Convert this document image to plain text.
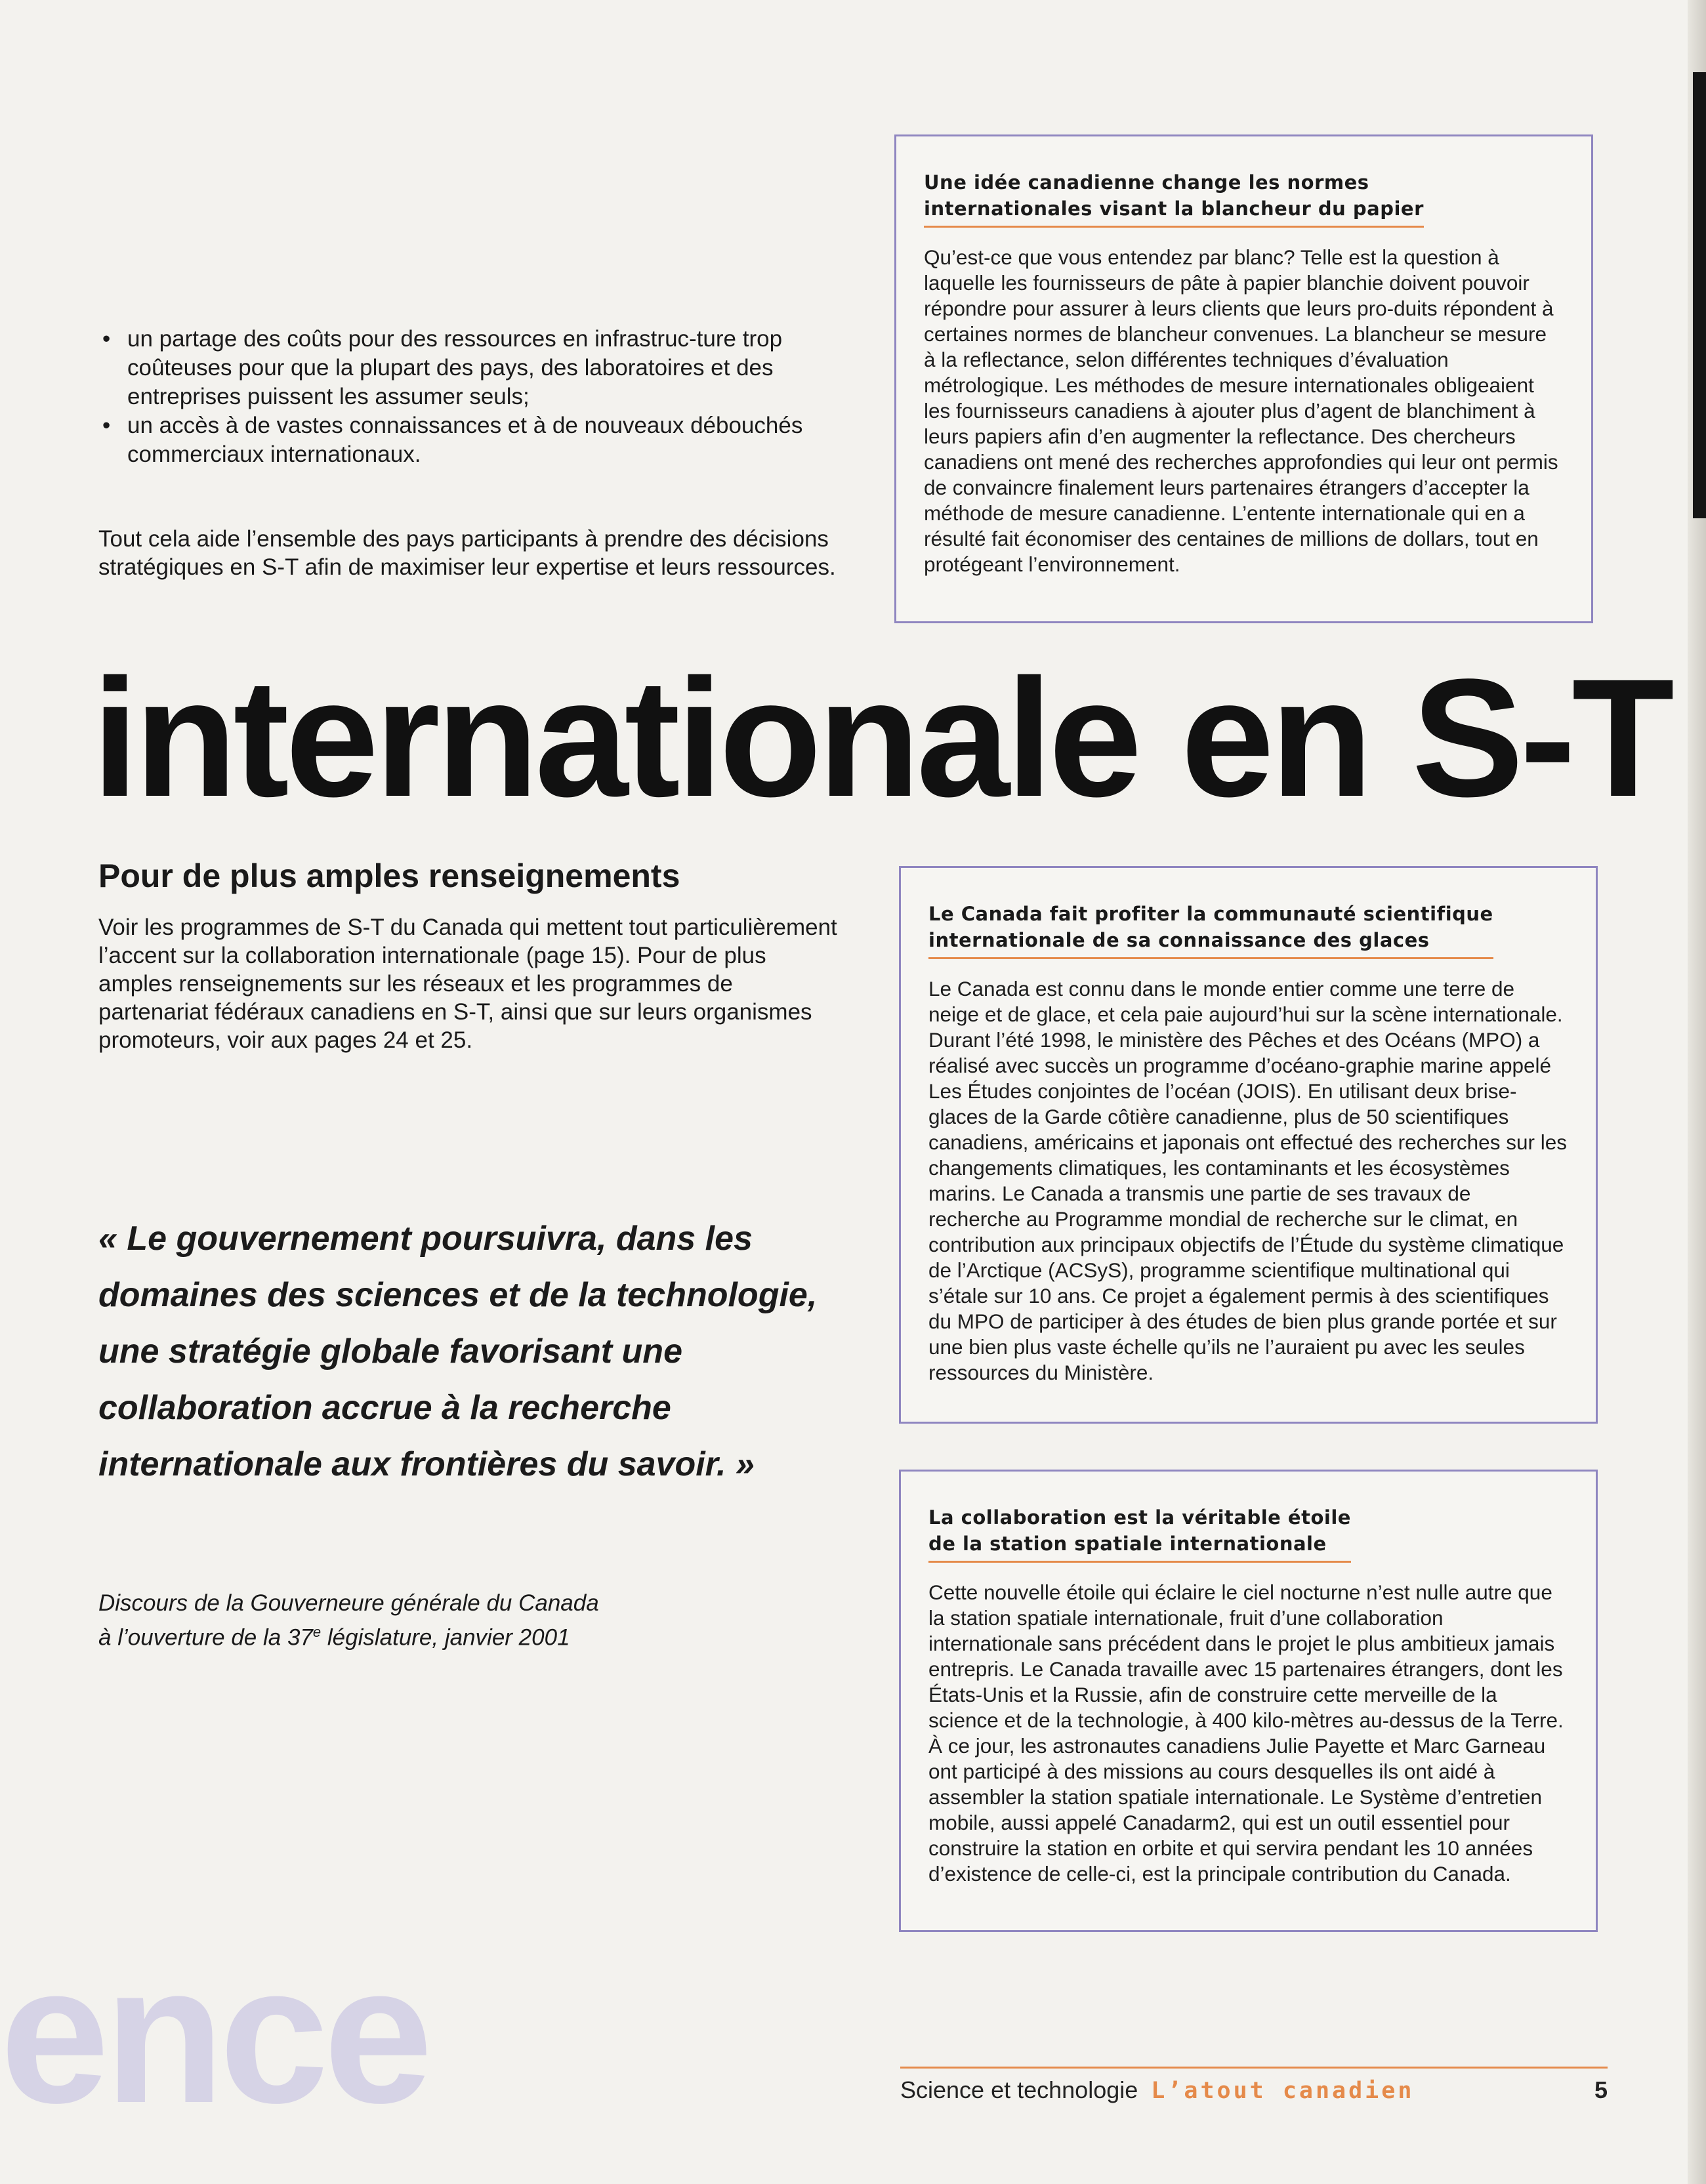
ence
• un partage des coûts pour des ressources en infrastruc-ture trop coûteuses pour que la plupart des pays, des laboratoires et des entreprises puissent les assumer seuls;
• un accès à de vastes connaissances et à de nouveaux débouchés commerciaux internationaux.

Tout cela aide l’ensemble des pays participants à prendre des décisions stratégiques en S-T afin de maximiser leur expertise et leurs ressources.

internationale en S-T
Pour de plus amples renseignements

Voir les programmes de S-T du Canada qui mettent tout particulièrement l’accent sur la collaboration internationale (page 15). Pour de plus amples renseignements sur les réseaux et les programmes de partenariat fédéraux canadiens en S-T, ainsi que sur leurs organismes promoteurs, voir aux pages 24 et 25.

« Le gouvernement poursuivra, dans les domaines des sciences et de la technologie, une stratégie globale favorisant une collaboration accrue à la recherche internationale aux frontières du savoir. »

Discours de la Gouverneure générale du Canada
à l’ouverture de la 37e législature, janvier 2001

Une idée canadienne change les normes
internationales visant la blancheur du papier

Qu’est-ce que vous entendez par blanc? Telle est la question à laquelle les fournisseurs de pâte à papier blanchie doivent pouvoir répondre pour assurer à leurs clients que leurs pro-duits répondent à certaines normes de blancheur convenues. La blancheur se mesure à la reflectance, selon différentes techniques d’évaluation métrologique. Les méthodes de mesure internationales obligeaient les fournisseurs canadiens à ajouter plus d’agent de blanchiment à leurs papiers afin d’en augmenter la reflectance. Des chercheurs canadiens ont mené des recherches approfondies qui leur ont permis de convaincre finalement leurs partenaires étrangers d’accepter la méthode de mesure canadienne. L’entente internationale qui en a résulté fait économiser des centaines de millions de dollars, tout en protégeant l’environnement.

Le Canada fait profiter la communauté scientifique
internationale de sa connaissance des glaces

Le Canada est connu dans le monde entier comme une terre de neige et de glace, et cela paie aujourd’hui sur la scène internationale. Durant l’été 1998, le ministère des Pêches et des Océans (MPO) a réalisé avec succès un programme d’océano-graphie marine appelé Les Études conjointes de l’océan (JOIS). En utilisant deux brise-glaces de la Garde côtière canadienne, plus de 50 scientifiques canadiens, américains et japonais ont effectué des recherches sur les changements climatiques, les contaminants et les écosystèmes marins. Le Canada a transmis une partie de ses travaux de recherche au Programme mondial de recherche sur le climat, en contribution aux principaux objectifs de l’Étude du système climatique de l’Arctique (ACSyS), programme scientifique multinational qui s’étale sur 10 ans. Ce projet a également permis à des scientifiques du MPO de participer à des études de bien plus grande portée et sur une bien plus vaste échelle qu’ils ne l’auraient pu avec les seules ressources du Ministère.

La collaboration est la véritable étoile
de la station spatiale internationale

Cette nouvelle étoile qui éclaire le ciel nocturne n’est nulle autre que la station spatiale internationale, fruit d’une collaboration internationale sans précédent dans le projet le plus ambitieux jamais entrepris. Le Canada travaille avec 15 partenaires étrangers, dont les États-Unis et la Russie, afin de construire cette merveille de la science et de la technologie, à 400 kilo-mètres au-dessus de la Terre. À ce jour, les astronautes canadiens Julie Payette et Marc Garneau ont participé à des missions au cours desquelles ils ont aidé à assembler la station spatiale internationale. Le Système d’entretien mobile, aussi appelé Canadarm2, qui est un outil essentiel pour construire la station en orbite et qui servira pendant les 10 années d’existence de celle-ci, est la principale contribution du Canada.

Science et technologie L’atout canadien	5
